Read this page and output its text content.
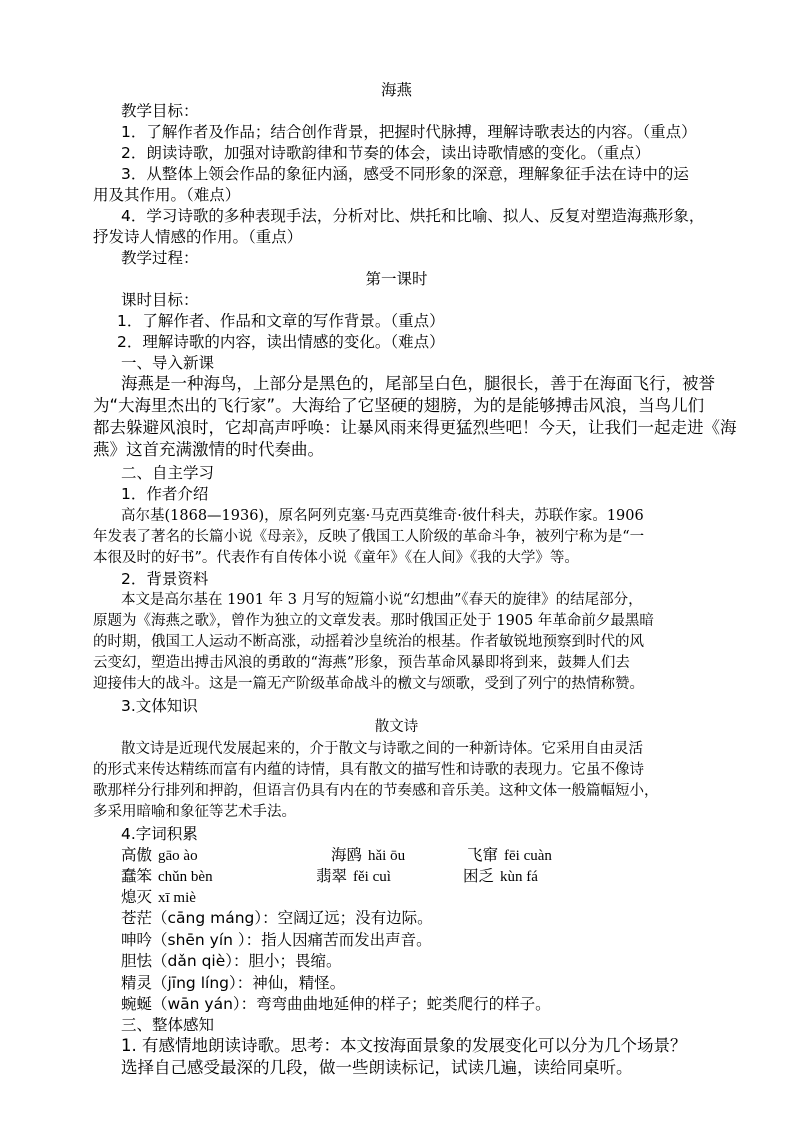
海燕
教学目标：
1．了解作者及作品；结合创作背景，把握时代脉搏，理解诗歌表达的内容。（重点）
2．朗读诗歌，加强对诗歌韵律和节奏的体会，读出诗歌情感的变化。（重点）
3．从整体上领会作品的象征内涵，感受不同形象的深意，理解象征手法在诗中的运
用及其作用。（难点）
4．学习诗歌的多种表现手法，分析对比、烘托和比喻、拟人、反复对塑造海燕形象，
抒发诗人情感的作用。（重点）
教学过程：
第一课时
课时目标：
1．了解作者、作品和文章的写作背景。（重点）
2．理解诗歌的内容，读出情感的变化。（难点）
一、导入新课
海燕是一种海鸟，上部分是黑色的，尾部呈白色，腿很长，善于在海面飞行，被誉
为“大海里杰出的飞行家”。大海给了它坚硬的翅膀，为的是能够搏击风浪，当鸟儿们
都去躲避风浪时，它却高声呼唤：让暴风雨来得更猛烈些吧！今天，让我们一起走进《海
燕》这首充满激情的时代奏曲。
二、自主学习
1．作者介绍
高尔基(1868—1936)，原名阿列克塞·马克西莫维奇·彼什科夫，苏联作家。1906
年发表了著名的长篇小说《母亲》，反映了俄国工人阶级的革命斗争，被列宁称为是“一
本很及时的好书”。代表作有自传体小说《童年》《在人间》《我的大学》等。
2．背景资料
本文是高尔基在 1901 年 3 月写的短篇小说“幻想曲”《春天的旋律》的结尾部分，
原题为《海燕之歌》，曾作为独立的文章发表。那时俄国正处于 1905 年革命前夕最黑暗
的时期，俄国工人运动不断高涨，动摇着沙皇统治的根基。作者敏锐地预察到时代的风
云变幻，塑造出搏击风浪的勇敢的“海燕”形象，预告革命风暴即将到来，鼓舞人们去
迎接伟大的战斗。这是一篇无产阶级革命战斗的檄文与颂歌，受到了列宁的热情称赞。
3.文体知识
散文诗
散文诗是近现代发展起来的，介于散文与诗歌之间的一种新诗体。它采用自由灵活
的形式来传达精练而富有内蕴的诗情，具有散文的描写性和诗歌的表现力。它虽不像诗
歌那样分行排列和押韵，但语言仍具有内在的节奏感和音乐美。这种文体一般篇幅短小，
多采用暗喻和象征等艺术手法。
4.字词积累
高傲 gāo ào	海鸥 hǎi ōu	飞窜 fēi cuàn
蠢笨 chǔn bèn	翡翠 fěi cuì	困乏 kùn fá
熄灭 xī miè
苍茫（cāng máng）：空阔辽远；没有边际。
呻吟（shēn yín ）：指人因痛苦而发出声音。
胆怯（dǎn qiè）：胆小；畏缩。
精灵（jīng líng）：神仙，精怪。
蜿蜒（wān yán）：弯弯曲曲地延伸的样子；蛇类爬行的样子。
三、整体感知
1. 有感情地朗读诗歌。思考：本文按海面景象的发展变化可以分为几个场景？
选择自己感受最深的几段，做一些朗读标记，试读几遍，读给同桌听。
